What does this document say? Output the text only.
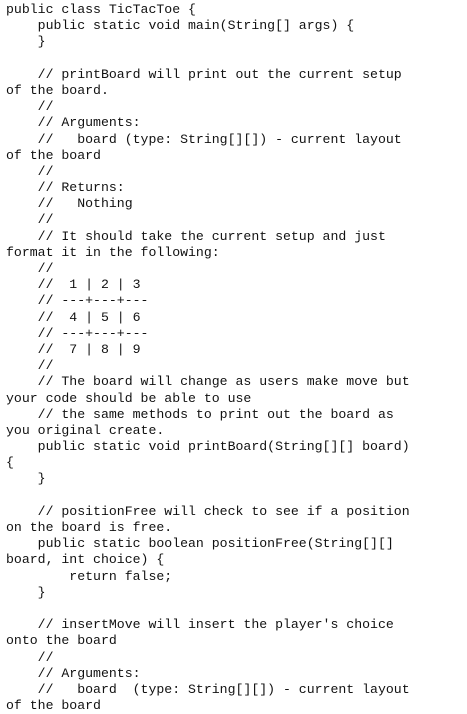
public class TicTacToe {
public static void main(String[] args) {
}
// printBoard will print out the current setup
of the board.
//
// Arguments:
//   board (type: String[][]) - current layout
of the board
//
// Returns:
//   Nothing
//
// It should take the current setup and just
format it in the following:
//
//  1 | 2 | 3
// ---+---+---
//  4 | 5 | 6
// ---+---+---
//  7 | 8 | 9
//
// The board will change as users make move but
your code should be able to use
// the same methods to print out the board as
you original create.
public static void printBoard(String[][] board)
{
}
// positionFree will check to see if a position
on the board is free.
public static boolean positionFree(String[][]
board, int choice) {
return false;
}
// insertMove will insert the player's choice
onto the board
//
// Arguments:
//   board  (type: String[][]) - current layout
of the board
